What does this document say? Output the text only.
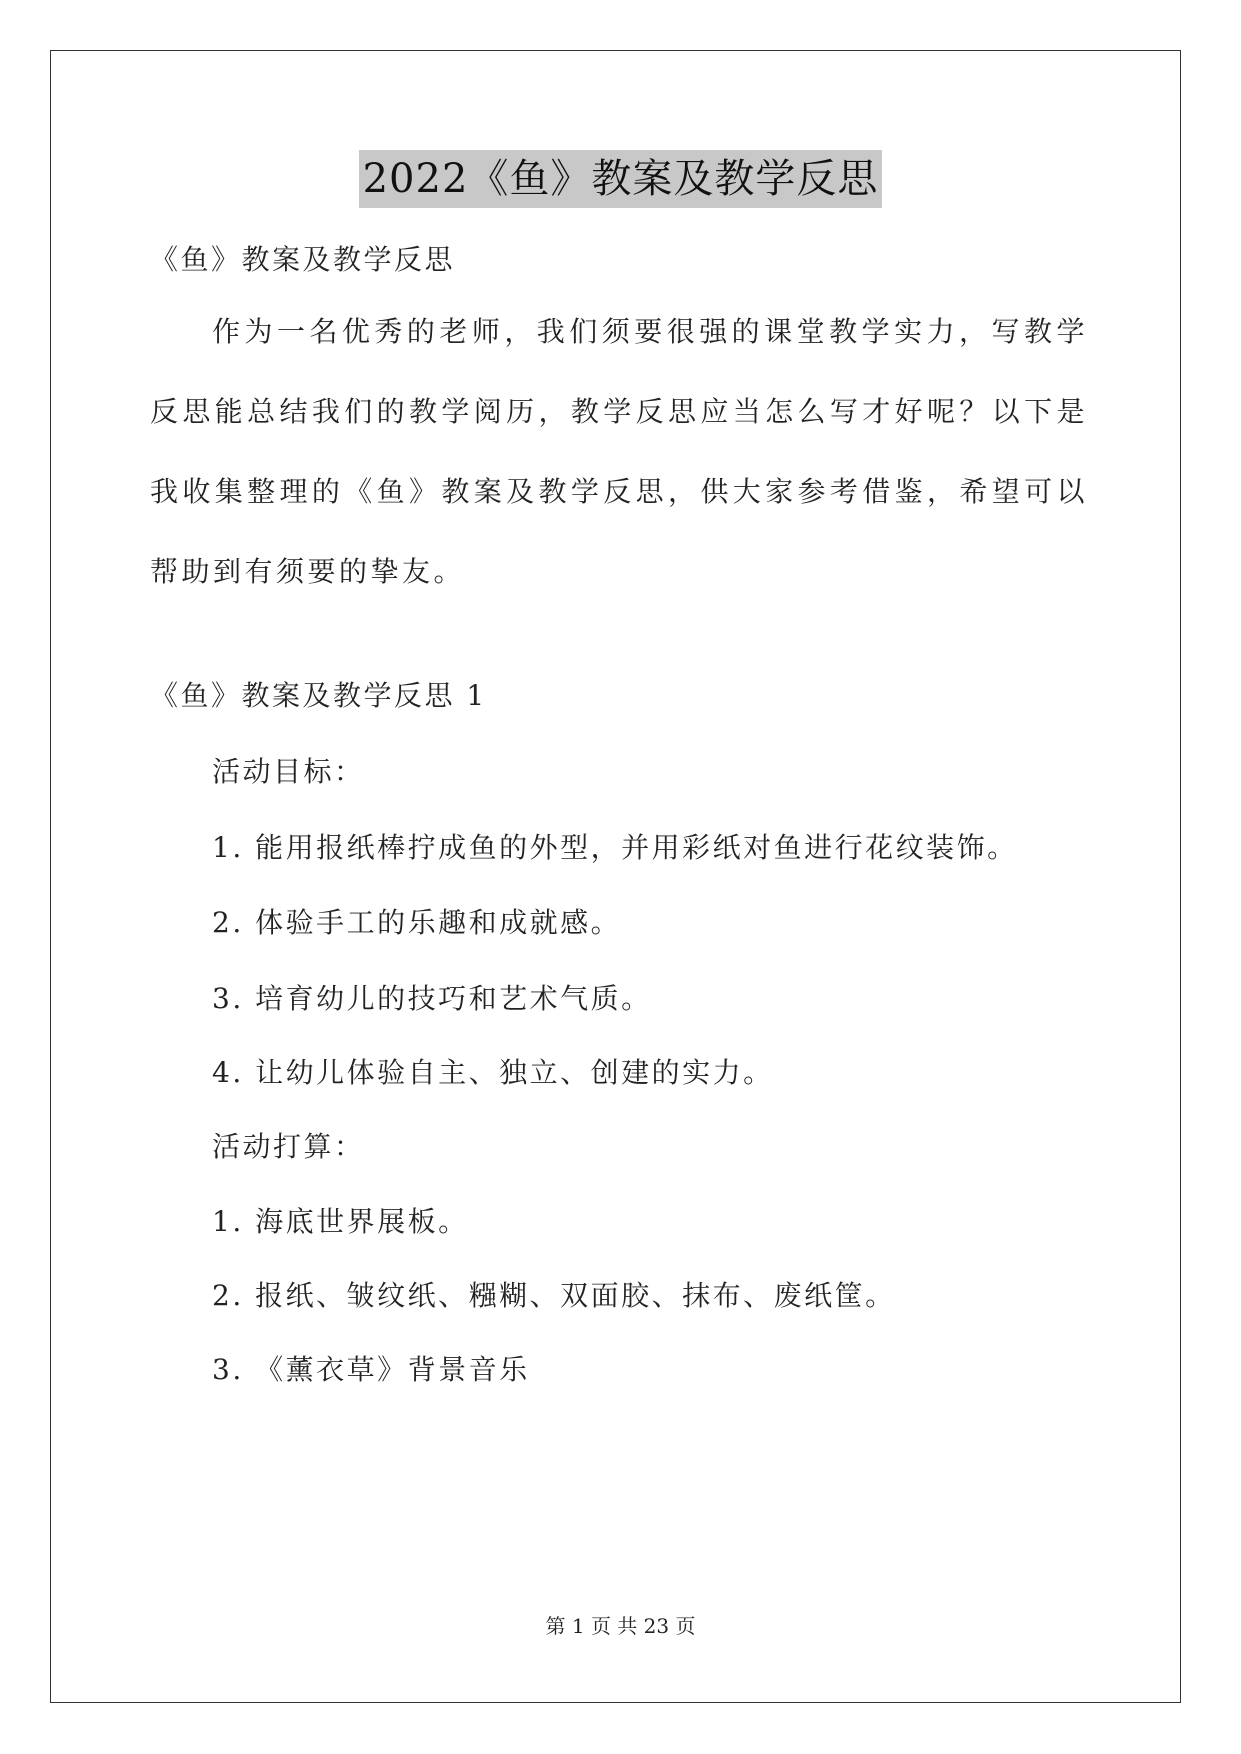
2022《鱼》教案及教学反思
《鱼》教案及教学反思
作为一名优秀的老师，我们须要很强的课堂教学实力，写教学反思能总结我们的教学阅历，教学反思应当怎么写才好呢？以下是我收集整理的《鱼》教案及教学反思，供大家参考借鉴，希望可以帮助到有须要的挚友。
《鱼》教案及教学反思 1
活动目标：
1. 能用报纸棒拧成鱼的外型，并用彩纸对鱼进行花纹装饰。
2. 体验手工的乐趣和成就感。
3. 培育幼儿的技巧和艺术气质。
4. 让幼儿体验自主、独立、创建的实力。
活动打算：
1. 海底世界展板。
2. 报纸、皱纹纸、糨糊、双面胶、抹布、废纸筐。
3. 《薰衣草》背景音乐
第 1 页 共 23 页
